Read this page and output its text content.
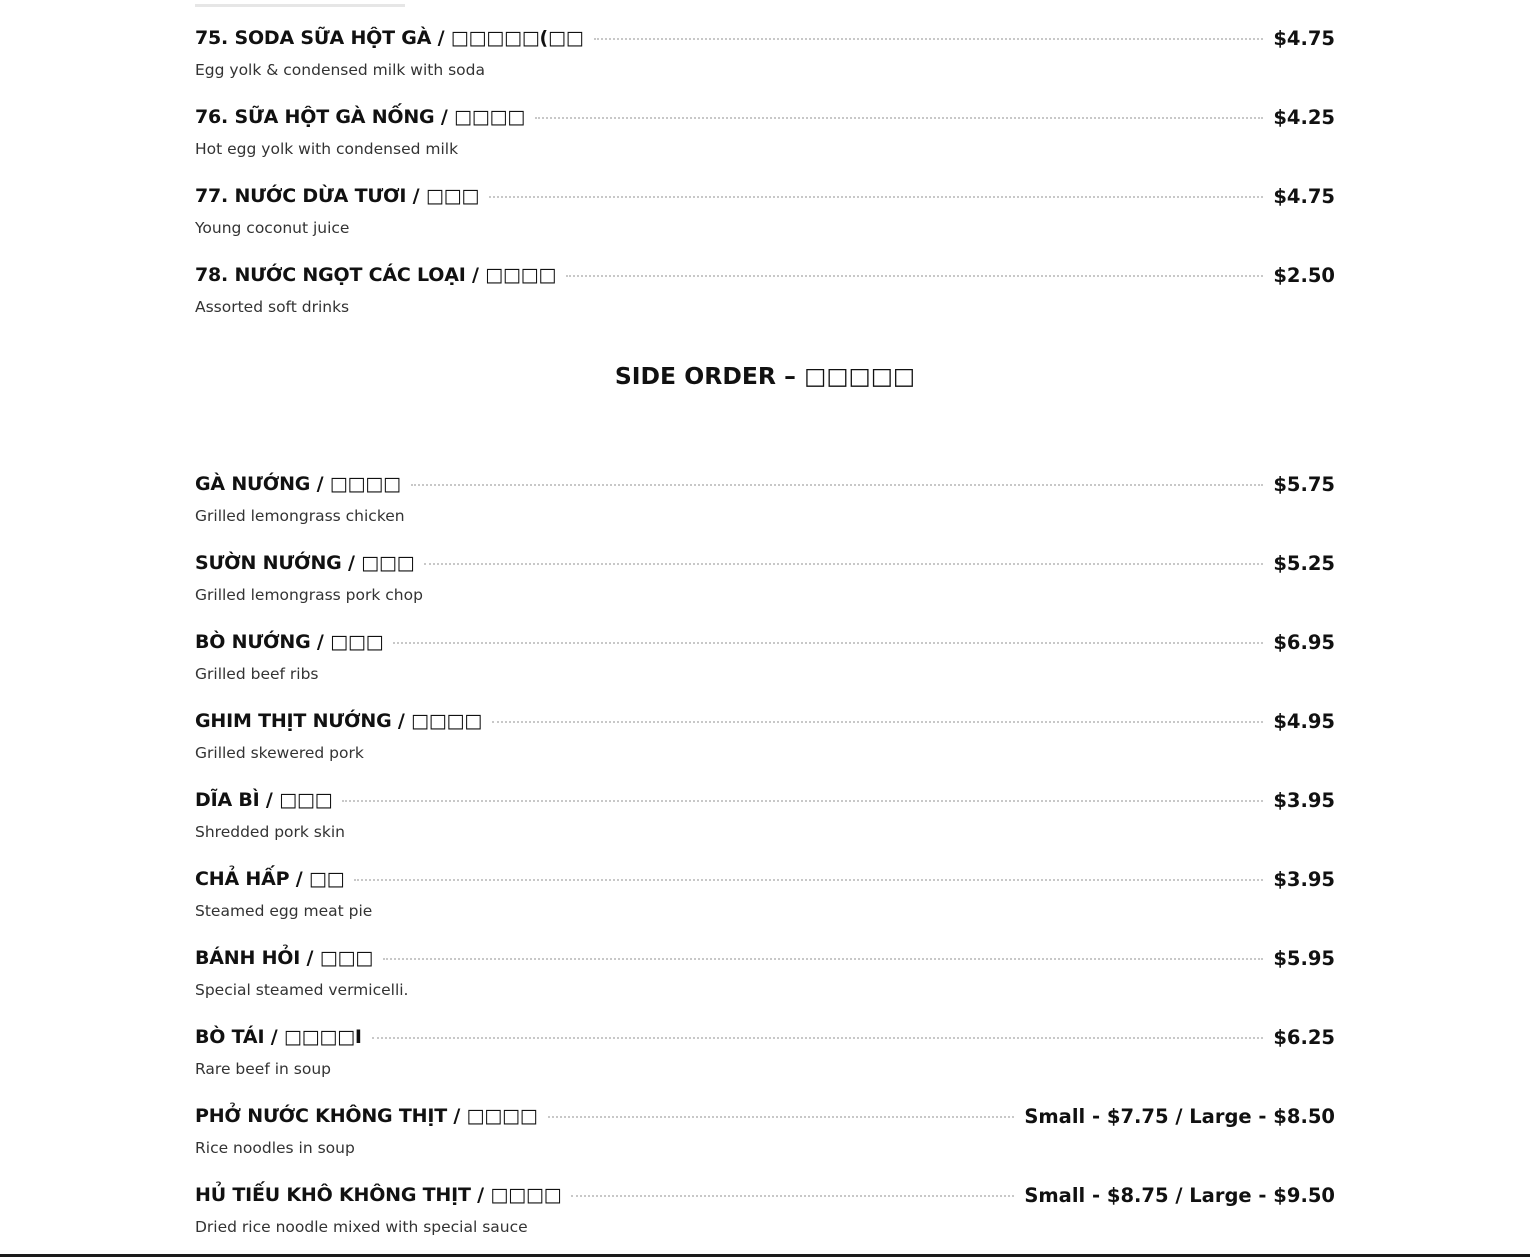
75. SODA SỮA HỘT GÀ / □□□□□(□□	$4.75
Egg yolk & condensed milk with soda
76. SỮA HỘT GÀ NỐNG / □□□□	$4.25
Hot egg yolk with condensed milk
77. NƯỚC DỪA TƯƠI / □□□	$4.75
Young coconut juice
78. NƯỚC NGỌT CÁC LOẠI / □□□□	$2.50
Assorted soft drinks
SIDE ORDER – □□□□□
GÀ NƯỚNG / □□□□	$5.75
Grilled lemongrass chicken
SƯỜN NƯỚNG / □□□	$5.25
Grilled lemongrass pork chop
BÒ NƯỚNG / □□□	$6.95
Grilled beef ribs
GHIM THỊT NƯỚNG / □□□□	$4.95
Grilled skewered pork
DĨA BÌ / □□□	$3.95
Shredded pork skin
CHẢ HẤP / □□	$3.95
Steamed egg meat pie
BÁNH HỎI / □□□	$5.95
Special steamed vermicelli.
BÒ TÁI / □□□□I	$6.25
Rare beef in soup
PHỞ NƯỚC KHÔNG THỊT / □□□□	Small - $7.75 / Large - $8.50
Rice noodles in soup
HỦ TIẾU KHÔ KHÔNG THỊT / □□□□	Small - $8.75 / Large - $9.50
Dried rice noodle mixed with special sauce
